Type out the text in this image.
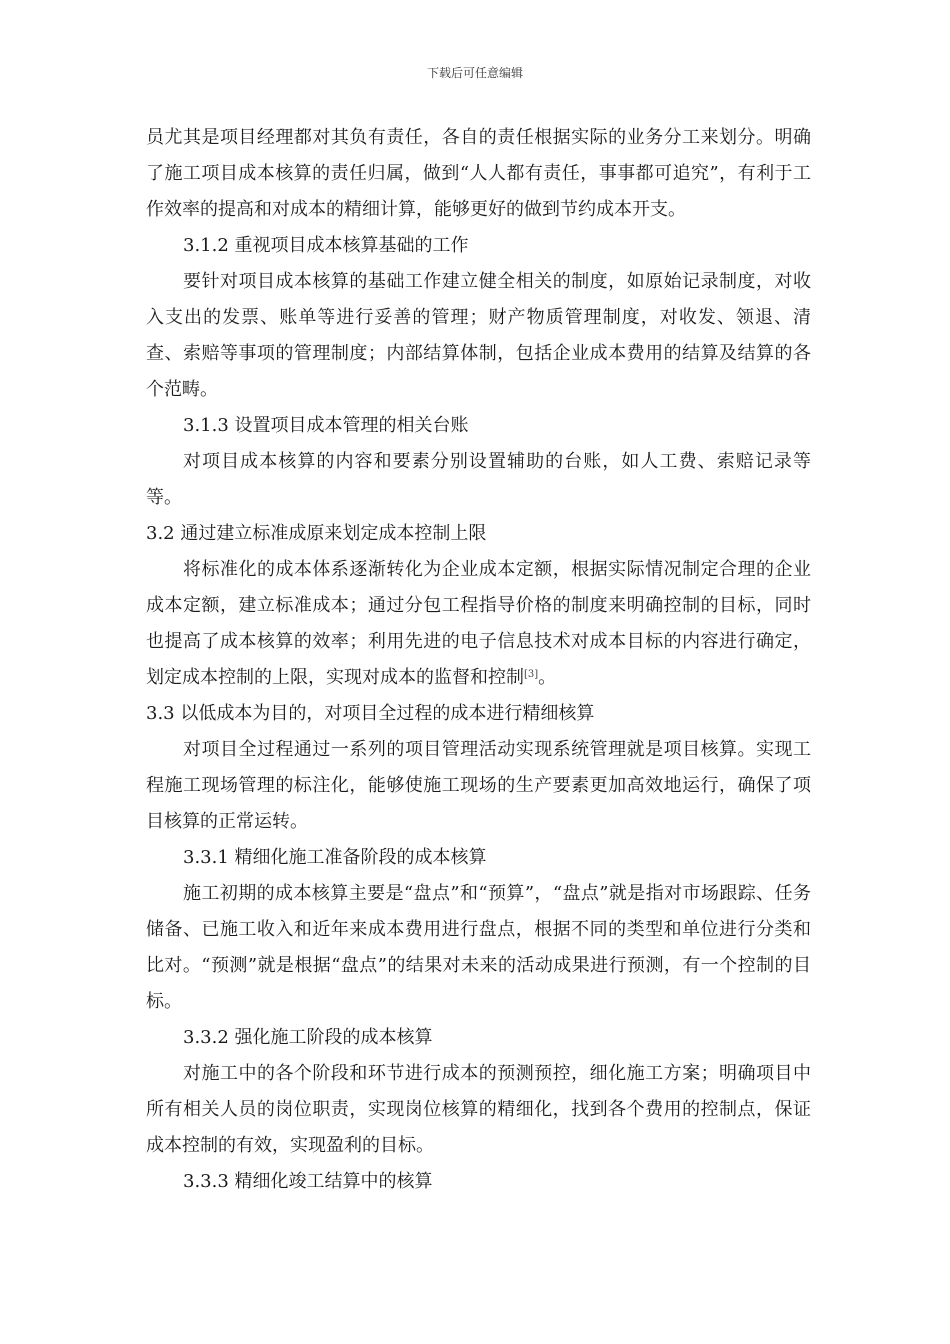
下载后可任意编辑

员尤其是项目经理都对其负有责任，各自的责任根据实际的业务分工来划分。明确了施工项目成本核算的责任归属，做到“人人都有责任，事事都可追究”，有利于工作效率的提高和对成本的精细计算，能够更好的做到节约成本开支。

3.1.2 重视项目成本核算基础的工作

要针对项目成本核算的基础工作建立健全相关的制度，如原始记录制度，对收入支出的发票、账单等进行妥善的管理；财产物质管理制度，对收发、领退、清查、索赔等事项的管理制度；内部结算体制，包括企业成本费用的结算及结算的各个范畴。

3.1.3 设置项目成本管理的相关台账

对项目成本核算的内容和要素分别设置辅助的台账，如人工费、索赔记录等等。

3.2 通过建立标准成原来划定成本控制上限

将标准化的成本体系逐渐转化为企业成本定额，根据实际情况制定合理的企业成本定额，建立标准成本；通过分包工程指导价格的制度来明确控制的目标，同时也提高了成本核算的效率；利用先进的电子信息技术对成本目标的内容进行确定，划定成本控制的上限，实现对成本的监督和控制[3]。

3.3 以低成本为目的，对项目全过程的成本进行精细核算

对项目全过程通过一系列的项目管理活动实现系统管理就是项目核算。实现工程施工现场管理的标注化，能够使施工现场的生产要素更加高效地运行，确保了项目核算的正常运转。

3.3.1 精细化施工准备阶段的成本核算

施工初期的成本核算主要是“盘点”和“预算”，“盘点”就是指对市场跟踪、任务储备、已施工收入和近年来成本费用进行盘点，根据不同的类型和单位进行分类和比对。“预测”就是根据“盘点”的结果对未来的活动成果进行预测，有一个控制的目标。

3.3.2 强化施工阶段的成本核算

对施工中的各个阶段和环节进行成本的预测预控，细化施工方案；明确项目中所有相关人员的岗位职责，实现岗位核算的精细化，找到各个费用的控制点，保证成本控制的有效，实现盈利的目标。

3.3.3 精细化竣工结算中的核算
